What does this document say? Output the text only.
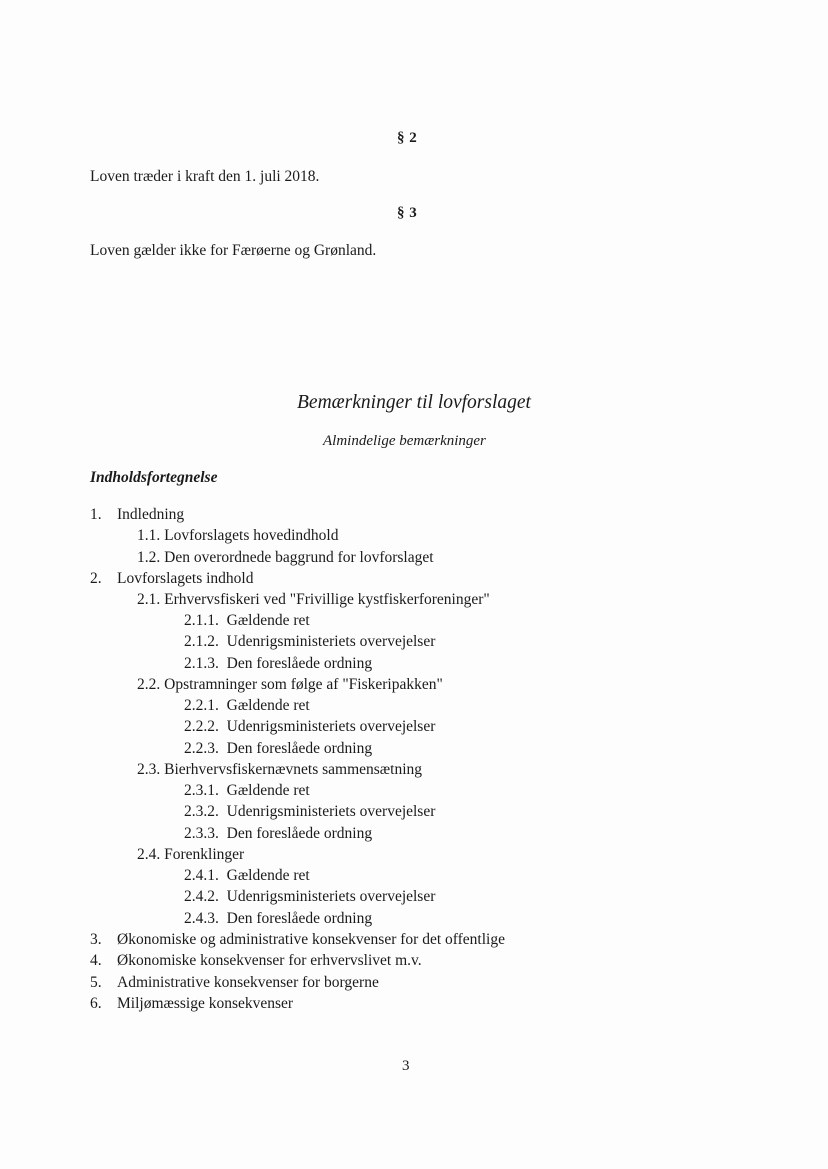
§ 2
Loven træder i kraft den 1. juli 2018.
§ 3
Loven gælder ikke for Færøerne og Grønland.
Bemærkninger til lovforslaget
Almindelige bemærkninger
Indholdsfortegnelse
1. Indledning
1.1. Lovforslagets hovedindhold
1.2. Den overordnede baggrund for lovforslaget
2. Lovforslagets indhold
2.1. Erhvervsfiskeri ved "Frivillige kystfiskerforeninger"
2.1.1.  Gældende ret
2.1.2.  Udenrigsministeriets overvejelser
2.1.3.  Den foreslåede ordning
2.2. Opstramninger som følge af "Fiskeripakken"
2.2.1.  Gældende ret
2.2.2.  Udenrigsministeriets overvejelser
2.2.3.  Den foreslåede ordning
2.3. Bierhvervsfiskernævnets sammensætning
2.3.1.  Gældende ret
2.3.2.  Udenrigsministeriets overvejelser
2.3.3.  Den foreslåede ordning
2.4. Forenklinger
2.4.1.  Gældende ret
2.4.2.  Udenrigsministeriets overvejelser
2.4.3.  Den foreslåede ordning
3. Økonomiske og administrative konsekvenser for det offentlige
4. Økonomiske konsekvenser for erhvervslivet m.v.
5. Administrative konsekvenser for borgerne
6. Miljømæssige konsekvenser
3
